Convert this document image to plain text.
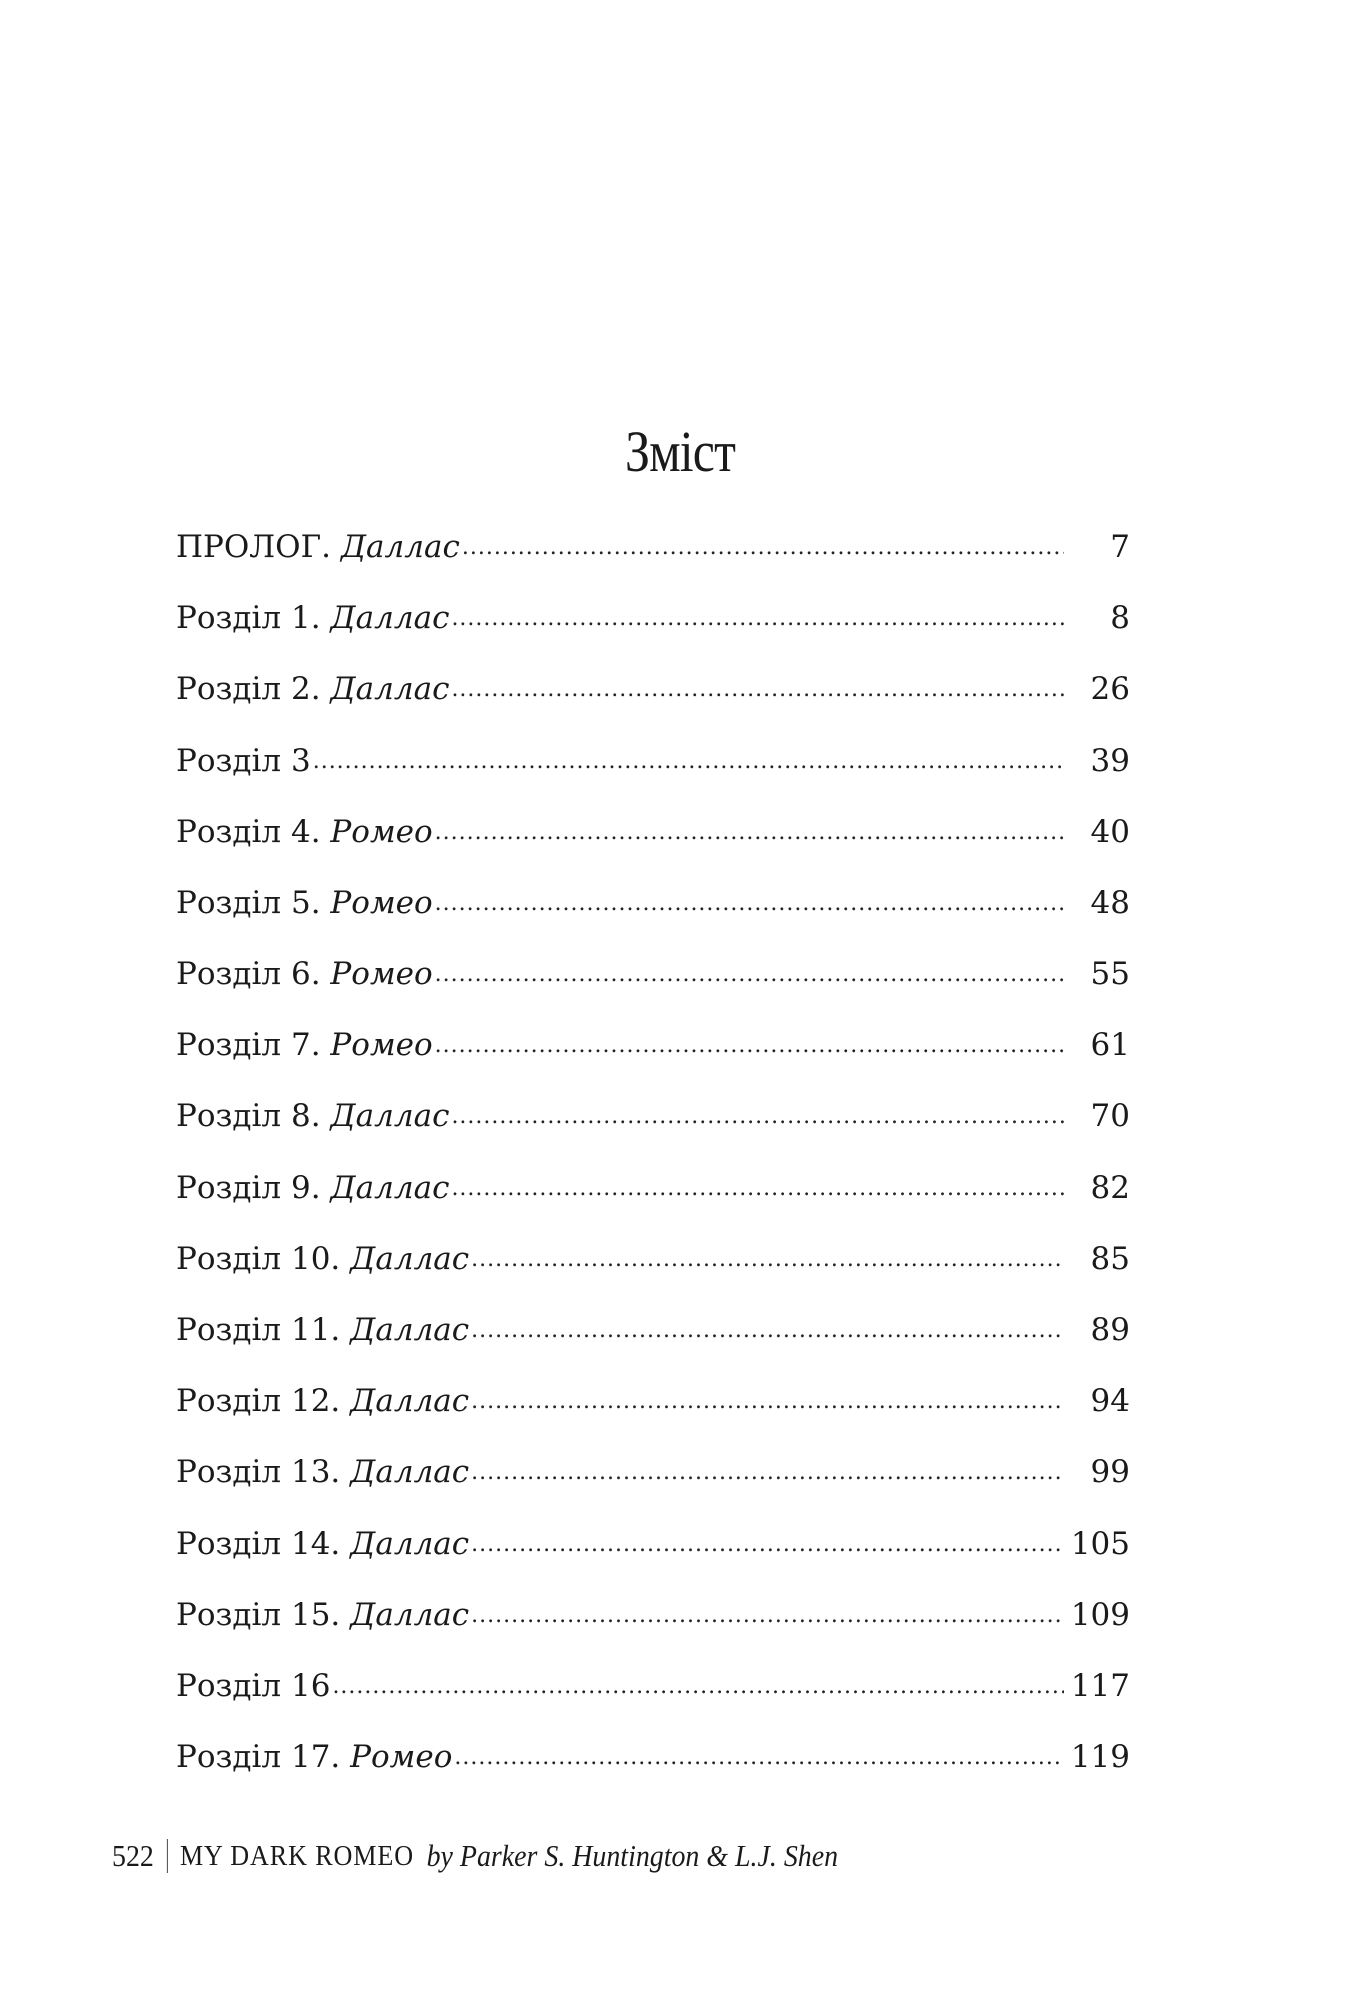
Зміст
ПРОЛОГ. Даллас .....	7
Розділ 1. Даллас .....	8
Розділ 2. Даллас .....	26
Розділ 3 .....	39
Розділ 4. Ромео .....	40
Розділ 5. Ромео .....	48
Розділ 6. Ромео .....	55
Розділ 7. Ромео .....	61
Розділ 8. Даллас .....	70
Розділ 9. Даллас .....	82
Розділ 10. Даллас .....	85
Розділ 11. Даллас .....	89
Розділ 12. Даллас .....	94
Розділ 13. Даллас .....	99
Розділ 14. Даллас .....	105
Розділ 15. Даллас .....	109
Розділ 16 .....	117
Розділ 17. Ромео .....	119
522 MY DARK ROMEO by Parker S. Huntington & L.J. Shen
